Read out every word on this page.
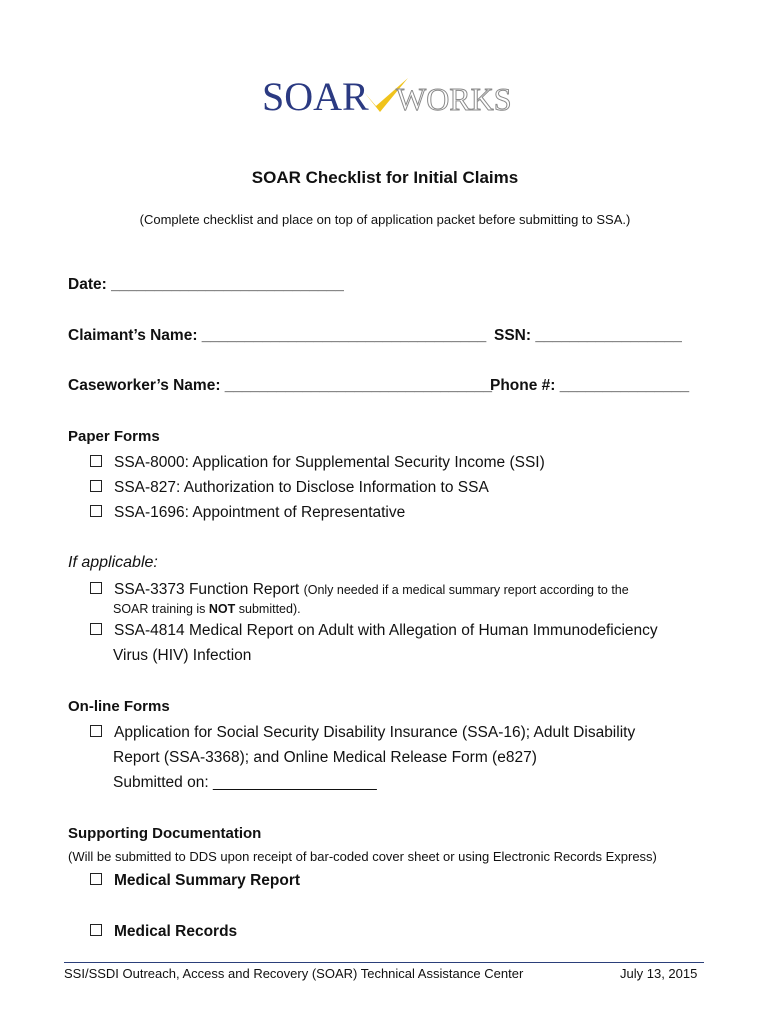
SOAR WORKS
SOAR Checklist for Initial Claims
(Complete checklist and place on top of application packet before submitting to SSA.)
Date: ___________________________
Claimant’s Name: _________________________________ SSN: _________________
Caseworker’s Name: _______________________________
Phone #: _______________
Paper Forms
SSA-8000: Application for Supplemental Security Income (SSI)
SSA-827: Authorization to Disclose Information to SSA
SSA-1696: Appointment of Representative
If applicable:
SSA-3373 Function Report (Only needed if a medical summary report according to the
SOAR training is NOT submitted).
SSA-4814 Medical Report on Adult with Allegation of Human Immunodeficiency
Virus (HIV) Infection
On-line Forms
Application for Social Security Disability Insurance (SSA-16); Adult Disability
Report (SSA-3368); and Online Medical Release Form (e827)
Submitted on: ___________________
Supporting Documentation
(Will be submitted to DDS upon receipt of bar-coded cover sheet or using Electronic Records Express)
Medical Summary Report
Medical Records
SSI/SSDI Outreach, Access and Recovery (SOAR) Technical Assistance Center	July 13, 2015
